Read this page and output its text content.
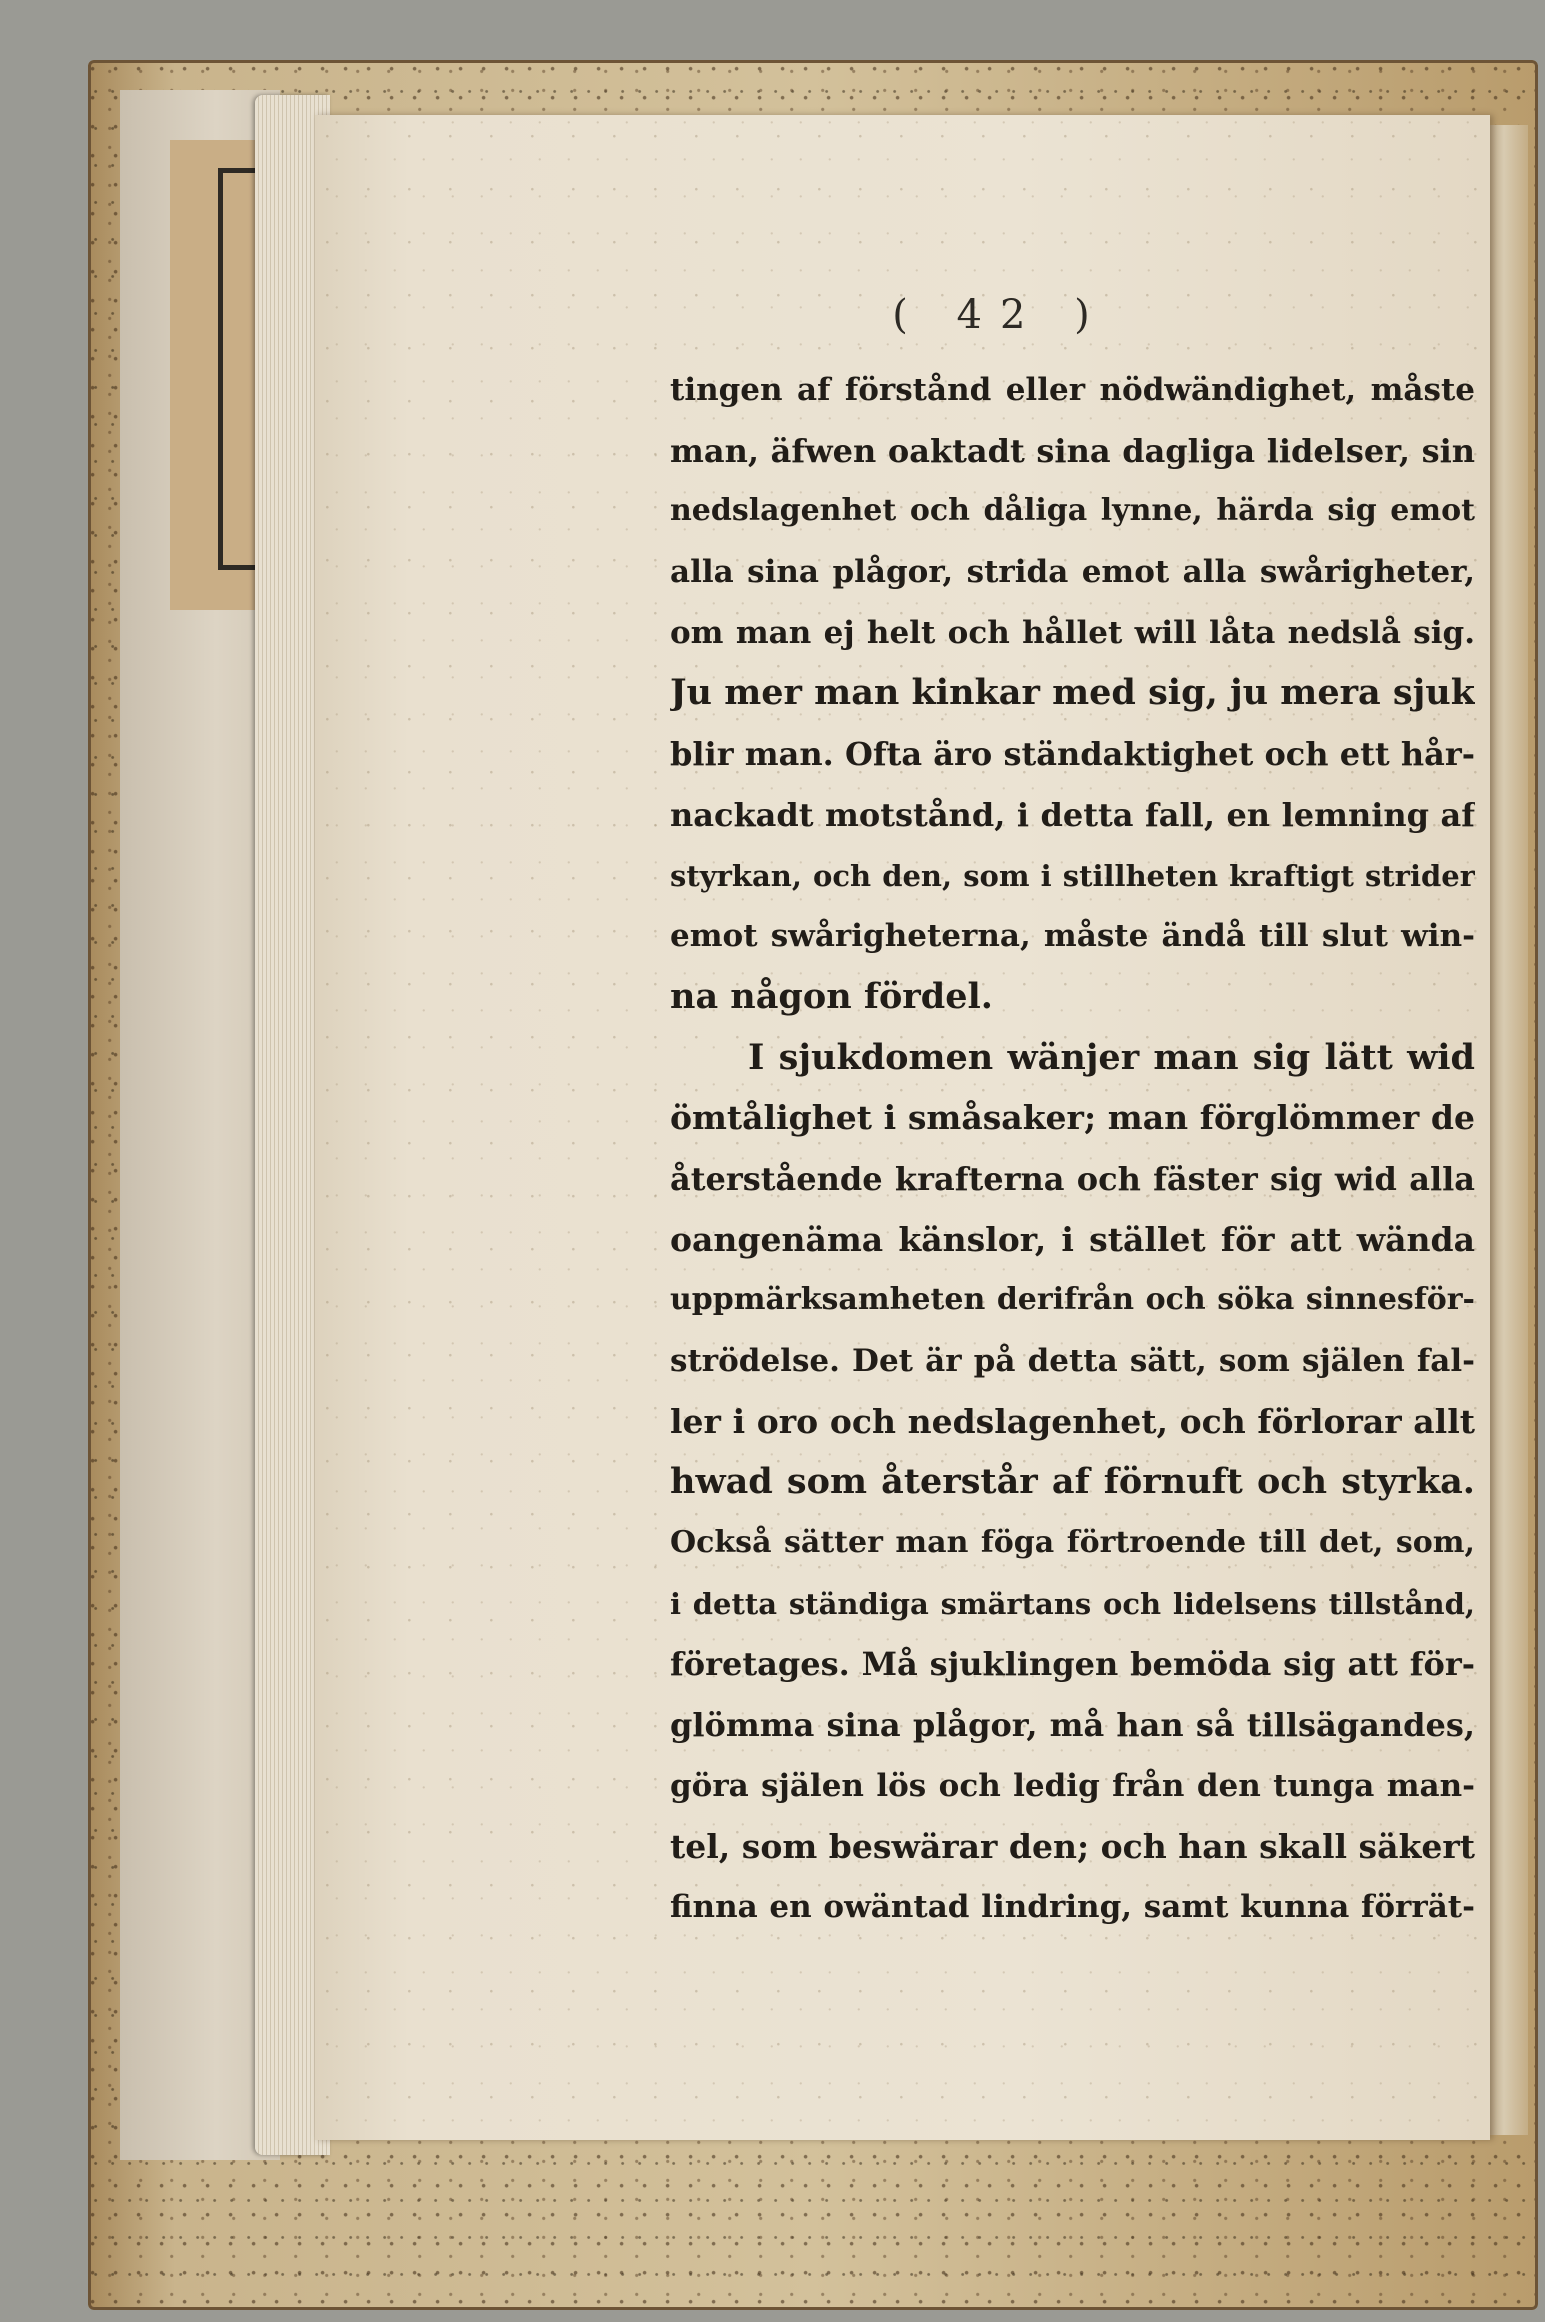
( 42 )
tingen af förstånd eller nödwändighet, måste
man, äfwen oaktadt sina dagliga lidelser, sin
nedslagenhet och dåliga lynne, härda sig emot
alla sina plågor, strida emot alla swårigheter,
om man ej helt och hållet will låta nedslå sig.
Ju mer man kinkar med sig, ju mera sjuk
blir man. Ofta äro ständaktighet och ett hår-
nackadt motstånd, i detta fall, en lemning af
styrkan, och den, som i stillheten kraftigt strider
emot swårigheterna, måste ändå till slut win-
na någon fördel.
I sjukdomen wänjer man sig lätt wid
ömtålighet i småsaker; man förglömmer de
återstående krafterna och fäster sig wid alla
oangenäma känslor, i stället för att wända
uppmärksamheten derifrån och söka sinnesför-
strödelse. Det är på detta sätt, som själen fal-
ler i oro och nedslagenhet, och förlorar allt
hwad som återstår af förnuft och styrka.
Också sätter man föga förtroende till det, som,
i detta ständiga smärtans och lidelsens tillstånd,
företages. Må sjuklingen bemöda sig att för-
glömma sina plågor, må han så tillsägandes,
göra själen lös och ledig från den tunga man-
tel, som beswärar den; och han skall säkert
finna en owäntad lindring, samt kunna förrät-
